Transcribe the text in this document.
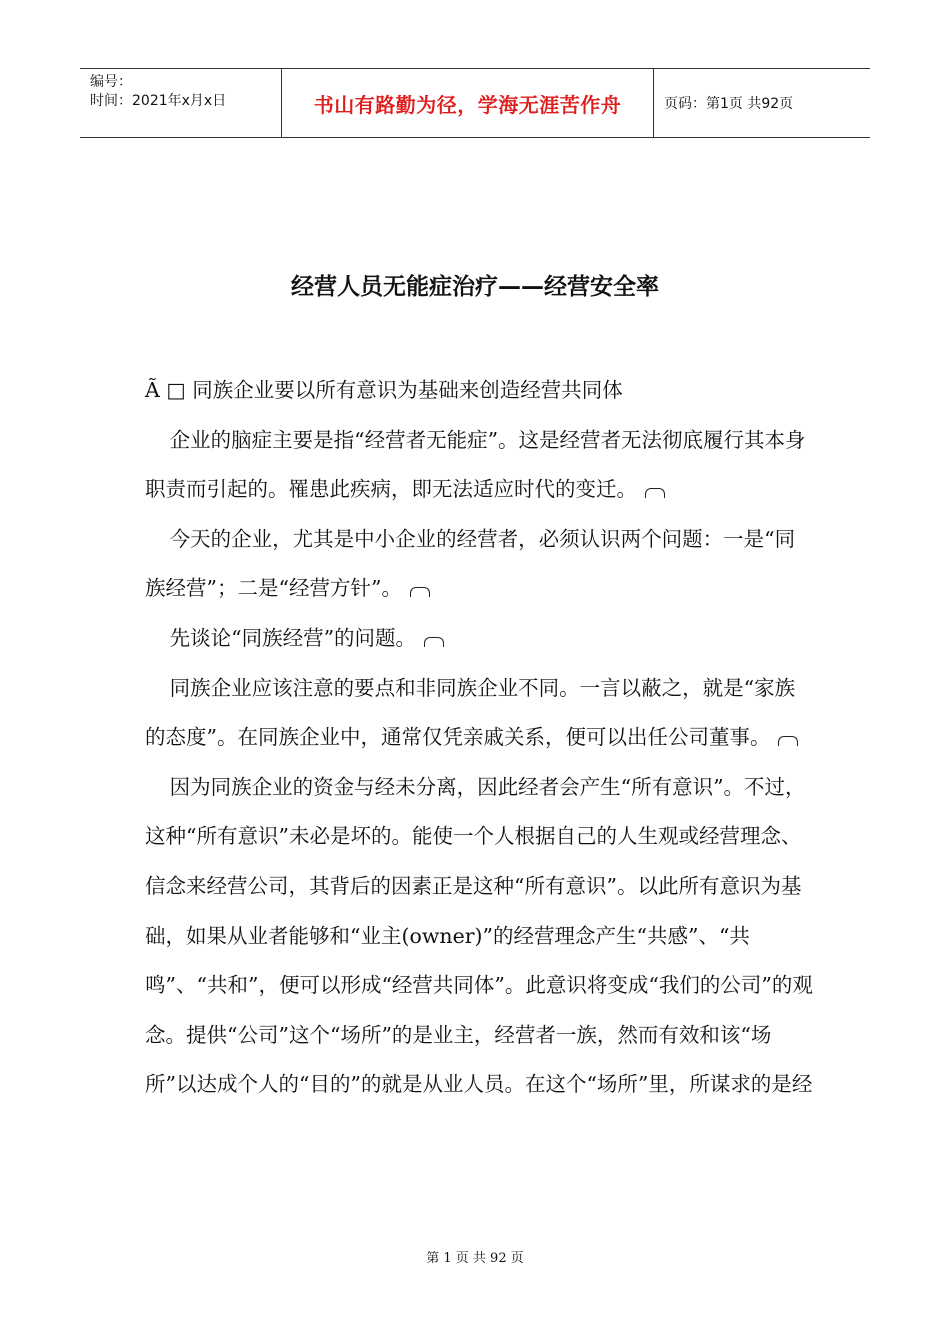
编号：
时间：2021年x月x日	书山有路勤为径，学海无涯苦作舟	页码：第1页 共92页
经营人员无能症治疗——经营安全率

Ã □ 同族企业要以所有意识为基础来创造经营共同体

企业的脑症主要是指“经营者无能症”。这是经营者无法彻底履行其本身职责而引起的。罹患此疾病，即无法适应时代的变迁。

今天的企业，尤其是中小企业的经营者，必须认识两个问题：一是“同族经营”；二是“经营方针”。

先谈论“同族经营”的问题。

同族企业应该注意的要点和非同族企业不同。一言以蔽之，就是“家族的态度”。在同族企业中，通常仅凭亲戚关系，便可以出任公司董事。

因为同族企业的资金与经未分离，因此经者会产生“所有意识”。不过，这种“所有意识”未必是坏的。能使一个人根据自己的人生观或经营理念、信念来经营公司，其背后的因素正是这种“所有意识”。以此所有意识为基础，如果从业者能够和“业主(owner)”的经营理念产生“共感”、“共鸣”、“共和”，便可以形成“经营共同体”。此意识将变成“我们的公司”的观念。提供“公司”这个“场所”的是业主，经营者一族，然而有效和该“场所”以达成个人的“目的”的就是从业人员。在这个“场所”里，所谋求的是经

第 1 页 共 92 页
